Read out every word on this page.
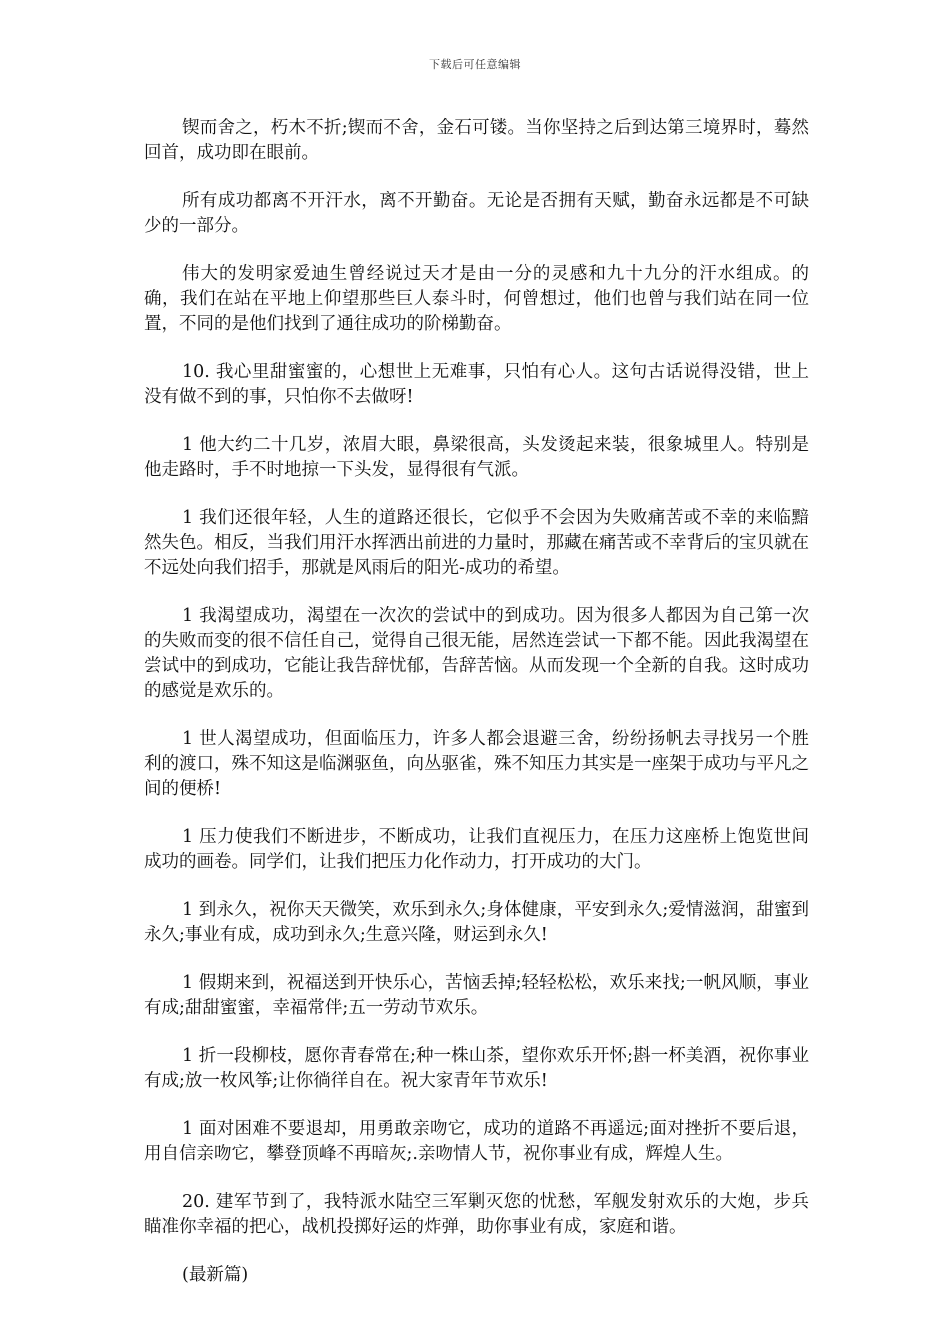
下载后可任意编辑

锲而舍之，朽木不折;锲而不舍，金石可镂。当你坚持之后到达第三境界时，蓦然回首，成功即在眼前。

所有成功都离不开汗水，离不开勤奋。无论是否拥有天赋，勤奋永远都是不可缺少的一部分。

伟大的发明家爱迪生曾经说过天才是由一分的灵感和九十九分的汗水组成。的确，我们在站在平地上仰望那些巨人泰斗时，何曾想过，他们也曾与我们站在同一位置，不同的是他们找到了通往成功的阶梯勤奋。

10. 我心里甜蜜蜜的，心想世上无难事，只怕有心人。这句古话说得没错，世上没有做不到的事，只怕你不去做呀!

1 他大约二十几岁，浓眉大眼，鼻梁很高，头发烫起来装，很象城里人。特别是他走路时，手不时地掠一下头发，显得很有气派。

1 我们还很年轻，人生的道路还很长，它似乎不会因为失败痛苦或不幸的来临黯然失色。相反，当我们用汗水挥洒出前进的力量时，那藏在痛苦或不幸背后的宝贝就在不远处向我们招手，那就是风雨后的阳光-成功的希望。

1 我渴望成功，渴望在一次次的尝试中的到成功。因为很多人都因为自己第一次的失败而变的很不信任自己，觉得自己很无能，居然连尝试一下都不能。因此我渴望在尝试中的到成功，它能让我告辞忧郁，告辞苦恼。从而发现一个全新的自我。这时成功的感觉是欢乐的。

1 世人渴望成功，但面临压力，许多人都会退避三舍，纷纷扬帆去寻找另一个胜利的渡口，殊不知这是临渊驱鱼，向丛驱雀，殊不知压力其实是一座架于成功与平凡之间的便桥!

1 压力使我们不断进步，不断成功，让我们直视压力，在压力这座桥上饱览世间成功的画卷。同学们，让我们把压力化作动力，打开成功的大门。

1 到永久，祝你天天微笑，欢乐到永久;身体健康，平安到永久;爱情滋润，甜蜜到永久;事业有成，成功到永久;生意兴隆，财运到永久!

1 假期来到，祝福送到开快乐心，苦恼丢掉;轻轻松松，欢乐来找;一帆风顺，事业有成;甜甜蜜蜜，幸福常伴;五一劳动节欢乐。

1 折一段柳枝，愿你青春常在;种一株山茶，望你欢乐开怀;斟一杯美酒，祝你事业有成;放一枚风筝;让你徜徉自在。祝大家青年节欢乐!

1 面对困难不要退却，用勇敢亲吻它，成功的道路不再遥远;面对挫折不要后退，用自信亲吻它，攀登顶峰不再暗灰;.亲吻情人节，祝你事业有成，辉煌人生。

20. 建军节到了，我特派水陆空三军剿灭您的忧愁，军舰发射欢乐的大炮，步兵瞄准你幸福的把心，战机投掷好运的炸弹，助你事业有成，家庭和谐。

(最新篇)
